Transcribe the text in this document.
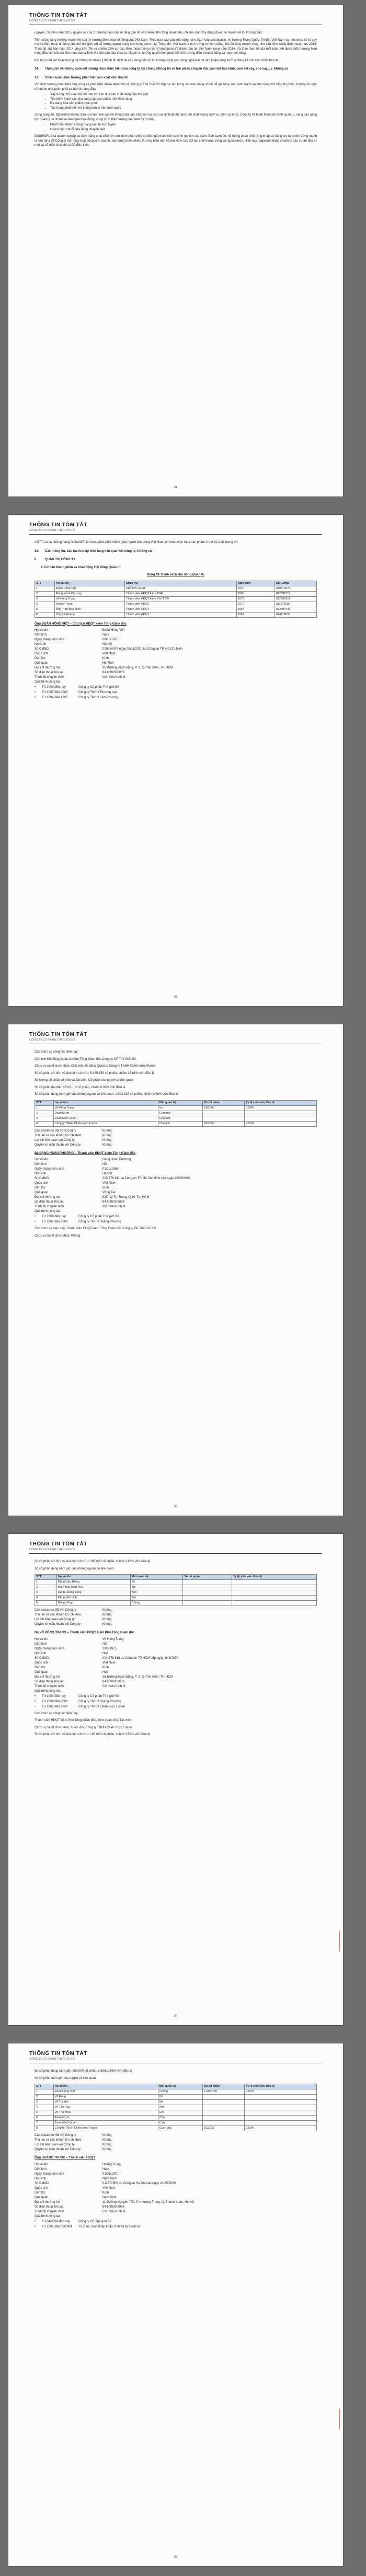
THÔNG TIN TÓM TẮT
CÔNG TY CỔ PHẦN THẾ GIỚI SỐ
nguyên. Dù đến năm 2015, quyền sở của 2 thương hiệu này sẽ tăng gần 80 và chiếm 28% tổng doanh thu, chi tiêu đào xây dựng được tin mạnh mẽ thị trường Việt.
Tiềm năng tăng trưởng mạnh mẽ của thị trường điện thoại di động của Việt Nam: Theo báo cáo của khả năng năm 2014 của Wesbeacle, thị trường Trung Quốc, Ấn Độ, Việt Nam và Indonesia sẽ là quy mô thị điện thoại di động của thế thế giới với số lượng người dùng mới trong năm này. Trong đó, Việt Nam là thị trường có tiềm năng, tốc độ tăng nhanh vùng nhu cầu tiềm năng điện thoại mức 2014. Theo đó, dự báo năm 2014 tăng trên 7% và chiếm 23% cơ cấu điện thoại thông minh (“smartphone”) được bán tại Việt Nam trong năm 2014. Và theo thực tế của một bản tính được biết thương hiệu riêng đầu tiên khó bỏ tiền mua vào là Bình Hà Nội dẫn đầu khác lạ. Ngoài ra, những quyết định phát triển thị trường điện thoại di động và máy tính bảng.
Kết hợp mới với khác lượng thị trường từ nhiều ý thành ổn định tại các vùng đối với thị trường cùng các công nghệ thế hệ sản phẩm tăng trưởng đáng kể cho các chuỗi bán lẻ.
14.	Thông tin về những cam kết nhưng chưa thực hiện của công ty đại chúng (thông tin về trái phiếu chuyển đổi, cam kết bảo lãnh, cam kết vay, cho vay,...): Không có
16.	Chiến lược, định hướng phát triển sản xuất kinh doanh
Với định hướng phát triển bền vững và phát triển nhiều kênh bán lẻ, Công ty Thế Giới Số tiếp tục tập trung vào hai mảng chính để gia tăng sức cạnh tranh và khả năng mở rộng thị phần, hướng tới việc trở thành nhà phân phối và bán lẻ hàng đầu.
• Xây dựng mối quan hệ dài hạn với các nhà sản xuất hàng đầu thế giới
• Tìm kiếm thêm các nhà cung cấp sản phẩm mới tiềm năng
• Đa dạng hóa sản phẩm phân phối
• Tập trung phát triển hệ thống bán lẻ trên toàn quốc
Song song đó, Digiworld tiếp tục đầu tư mạnh mẽ vào hệ thống hậu cần, kho vận và dịch vụ kỹ thuật để đảm bảo chất lượng dịch vụ. Bên cạnh đó, Công ty sẽ hoàn thiện mô hình quản trị, nâng cao năng lực quản lý tài chính và hiệu quả hoạt động, củng cố vị thế thương hiệu trên thị trường.
• Phát triển nhanh chóng mảng bán lẻ trực tuyến
• Hoàn thiện chuỗi cửa hàng chuyên biệt
DIGIWORLD là doanh nghiệp có tiềm năng phát triển lớn với kênh phân phối và đội ngũ nhân viên có kinh nghiệm lâu năm. Bên cạnh đó, hệ thống phân phối rộng khắp và năng lực tài chính vững mạnh là nền tảng để Công ty mở rộng hoạt động kinh doanh, xây dựng thêm nhiều thương hiệu mới và tìm kiếm các đối tác chiến lược trong và ngoài nước. Hiện nay, Digiworld đang chuẩn bị các dự án đầu tư mới và sẽ triển khai khi có đủ điều kiện.
31
THÔNG TIN TÓM TẮT
CÔNG TY CỔ PHẦN THẾ GIỚI SỐ
CNTT, và cả những hàng DIGIWORLD chưa phân phối nhằm giúp người tiêu dùng Việt Nam yên tâm chọn mua sản phẩm ở thế kỷ chất lượng tốt.
16.	Các thông tin, các tranh chấp kiện tụng liên quan tới công ty: Không có
II.	QUẢN TRỊ CÔNG TY
1. Cơ cấu thành phần và hoạt động Hội đồng Quản trị
Bảng 19: Danh sách Hội đồng Quản trị
STT	Họ và tên	Chức vụ	Năm sinh	Số CMND
1	Đoàn Hồng Việt	Chủ tịch HĐQT	1970	020514974
2	Đặng Hoàn Phương	Thành viên HĐQT kiêm TGĐ	1966	022981511
3	Võ Hồng Trang	Thành viên HĐQT kiêm Phó TGĐ	1975	022587616
4	Hoàng Trung	Thành viên HĐQT	1970	011372506
5	Ông Trần Bảo Minh	Thành viên HĐQT	1967	022984441
6	Ông Lê Hoàng	Thành viên HĐQT	1961	024116638
Ông ĐOÀN HỒNG VIỆT – Chủ tịch HĐQT kiêm Tổng Giám đốc
Họ và tên	Đoàn Hồng Việt
Giới tính	Nam
Ngày tháng năm sinh	06/10/1970
Nơi sinh	Hà Nội
Số CMND	020514974 ngày 02/11/2010 tại Công an TP. Hồ Chí Minh
Quốc tịch	Việt Nam
Dân tộc	Kinh
Quê quán	Hà Tĩnh
Địa chỉ thường trú	26 Đường Bạch Đằng, P. 2, Q. Tân Bình, TP. HCM
Số điện thoại liên lạc	84 8 3929 0059
Trình độ chuyên môn	Cử nhân Kinh tế
Quá trình công tác
•	Từ 2000 đến nay	Công ty Cổ phần Thế giới Số
•	Từ 1997 đến 2000	Công ty TNHH Thương mại
•	Từ 1994 đến 1997	Công ty TNHH Lâm Phương
32
THÔNG TIN TÓM TẮT
CÔNG TY CỔ PHẦN THẾ GIỚI SỐ
Các chức vụ công tác hiện nay:
Chủ tịch Hội đồng Quản trị kiêm Tổng Giám đốc Công ty CP Thế Giới Số
Chức vụ tại tổ chức khác: Chủ tịch Hội đồng Quản trị Công ty TNHH Chiến lược Future
Số cổ phần sở hữu và đại diện sở hữu: 5.465.150 cổ phiếu, chiếm 16,61% vốn điều lệ
Số lượng cổ phần sở hữu và đại diện: Cổ phần của người có liên quan
Số cổ phần đại diện sở hữu: 0 cổ phiếu, chiếm 0,00% vốn điều lệ
Số cổ phần đang nắm giữ của những người có liên quan: 1.002.230 cổ phiếu, chiếm 3,08% vốn điều lệ
STT	Họ và tên	Mối quan hệ	Số cổ phần	Tỷ lệ trên vốn điều lệ
1	Võ Hồng Trang	Vợ	190.000	0,58%
2	Đoàn Mười	Con ruột		
3	Đoàn Minh Quân	Con ruột		
4	Công ty TNHH Chiến lược Future	Chủ tịch	812.230	2,50%
Các khoản nợ đối với Công ty	Không
Thù lao và các khoản lợi ích khác	Không
Lợi ích liên quan với Công ty	Không
Quyền lợi mâu thuẫn với Công ty	Không
Bà ĐẶNG HOÀN PHƯƠNG – Thành viên HĐQT kiêm Tổng Giám đốc
Họ và tên	Đặng Hoàn Phương
Giới tính	Nữ
Ngày tháng năm sinh	01/10/1966
Nơi sinh	Hà Nội
Số CMND	022 476 911 tại Công an TP. Hồ Chí Minh cấp ngày 26/05/2009
Quốc tịch	Việt Nam
Dân tộc	Kinh
Quê quán	Vũng Tàu
Địa chỉ thường trú	83/7 Lý Tự Trọng, Q.10, Tp. HCM
Số điện thoại liên lạc	84 8 3929 0059
Trình độ chuyên môn	Cử nhân Kinh tế
Quá trình công tác
•	Từ 2000 đến nay	Công ty Cổ phần Thế giới Số
•	Từ 1997 đến 2000	Công ty TNHH Hoàng Phương
Các chức vụ hiện nay: Thành viên HĐQT kiêm Tổng Giám đốc Công ty CP Thế Giới Số
Chức vụ tại tổ chức khác: Không
33
THÔNG TIN TÓM TẮT
CÔNG TY CỔ PHẦN THẾ GIỚI SỐ
Số cổ phần sở hữu và đại diện sở hữu: 285.000 cổ phiếu, chiếm 0,86% vốn điều lệ
Số cổ phần đang nắm giữ của những người có liên quan:
STT	Họ và tên	Mối quan hệ	Số cổ phần	Tỷ lệ trên vốn điều lệ
1	Đặng Văn Thắng	Bố		
2	Mai Phan Hoài Thu	Mẹ		
3	Đặng Hoàng Tùng	Anh		
4	Đặng Văn Linh	Em		
5	Đặng Hồng	Chồng		
Các khoản nợ đối với Công ty	Không
Thù lao và các khoản lợi ích khác	Không
Lợi ích liên quan với Công ty	Không
Quyền lợi mâu thuẫn với Công ty	Không
Bà VÕ HỒNG TRANG – Thành viên HĐQT kiêm Phó Tổng Giám đốc
Họ và tên	Võ Hồng Trang
Giới tính	Nữ
Ngày tháng năm sinh	28/5/1975
Nơi sinh	Huế
Số CMND	024 878 616 do Công an TP HCM cấp ngày 16/8/2007
Quốc tịch	Việt Nam
Dân tộc	Kinh
Quê quán	Huế
Địa chỉ thường trú	26 Đường Bạch Đằng, P. 2, Q. Tân Bình, TP. HCM
Số điện thoại liên lạc	84 8 3929 0059
Trình độ chuyên môn	Cử nhân Kinh tế
Quá trình công tác
•	Từ 2004 đến nay	Công ty Cổ phần Thế giới Số
•	Từ 2000 đến 2003	Công ty TNHH Hoàng Phương
•	Từ 1997 đến 2000	Công ty TNHH Chiến lược Future
Các chức vụ công tác hiện nay:
Thành viên HĐQT kiêm Phó Tổng Giám đốc, kiêm Giám đốc Tài chính
Chức vụ tại tổ chức khác: Giám đốc Công ty TNHH Chiến lược Future
Số cổ phần sở hữu và đại diện sở hữu: 190.000 cổ phiếu, chiếm 0,58% vốn điều lệ
34
THÔNG TIN TÓM TẮT
CÔNG TY CỔ PHẦN THẾ GIỚI SỐ
Số cổ phần đang nắm giữ: 190.000 cổ phiếu, chiếm 0,58% vốn điều lệ
Số cổ phần nắm giữ của người có liên quan:
STT	Họ và tên	Mối quan hệ	Số cổ phần	Tỷ lệ trên vốn điều lệ
1	Đoàn Hồng Việt	Chồng	1.465.150	4,50%
2	Võ Hồng	Bố		
3	Võ Thị Mai	Mẹ		
4	Võ Tấn Hòa	Anh		
5	Võ Thu Thảo	Em		
6	Đoàn Mười	Con		
7	Đoàn Minh Quân	Con		
8	Công ty TNHH Chiến lược Future	Giám đốc	812.230	2,50%
Các khoản nợ đối với Công ty	Không
Thù lao và các khoản lợi ích khác	Không
Lợi ích liên quan với Công ty	Không
Quyền lợi mâu thuẫn với Công ty	Không
Ông HOÀNG TRUNG – Thành viên HĐQT
Họ và tên	Hoàng Trung
Giới tính	Nam
Ngày tháng năm sinh	01/01/1970
Nơi sinh	Nam Định
Số CMND	011372506 do Công an Hà Nội cấp ngày 21/05/2009
Quốc tịch	Việt Nam
Dân tộc	Kinh
Quê quán	Nam Định
Địa chỉ thường trú	11 Đường Nguyễn Trãi, P. Khương Trung, Q. Thanh Xuân, Hà Nội
Số điện thoại liên lạc	84 8 3929 0059
Trình độ chuyên môn	Cử nhân Kinh tế
Quá trình công tác
•	Từ 04/2004 đến nay	Công ty CP Thế giới Số
•	Từ 1997 đến 03/2004	Tổ chức Xuất nhập khẩu Thiết bị kỹ thuật số
35
